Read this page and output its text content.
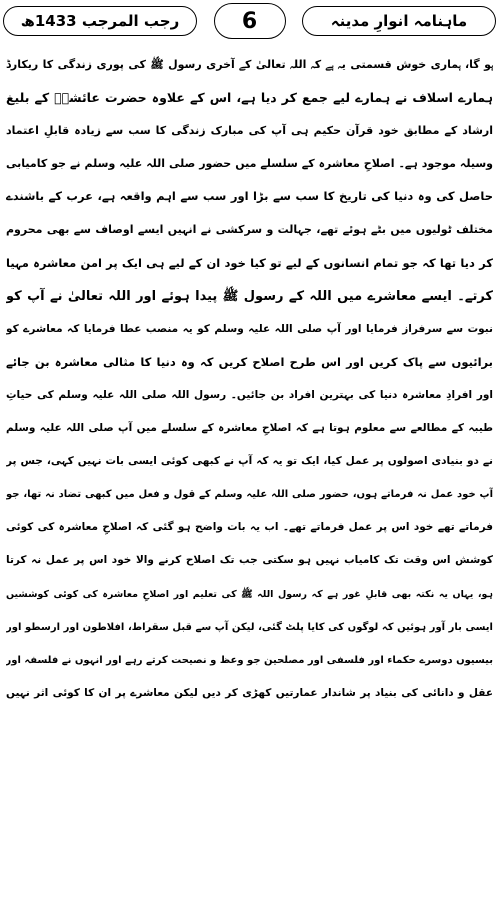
ماہنامہ انوارِ مدینہ
6
رجب المرجب 1433ھ
ہو گا، ہماری خوش قسمتی یہ ہے کہ اللہ تعالیٰ کے آخری رسول ﷺ کی پوری زندگی کا ریکارڈ
ہمارے اسلاف نے ہمارے لیے جمع کر دیا ہے، اس کے علاوہ حضرت عائشہؓ کے بلیغ
ارشاد کے مطابق خود قرآن حکیم ہی آپ کی مبارک زندگی کا سب سے زیادہ قابلِ اعتماد
وسیلہ موجود ہے۔ اصلاحِ معاشرہ کے سلسلے میں حضور صلی اللہ علیہ وسلم نے جو کامیابی
حاصل کی وہ دنیا کی تاریخ کا سب سے بڑا اور سب سے اہم واقعہ ہے، عرب کے باشندے
مختلف ٹولیوں میں بٹے ہوئے تھے، جہالت و سرکشی نے انہیں ایسے اوصاف سے بھی محروم
کر دیا تھا کہ جو تمام انسانوں کے لیے تو کیا خود ان کے لیے ہی ایک پر امن معاشرہ مہیا
کرتے۔ ایسے معاشرے میں اللہ کے رسول ﷺ پیدا ہوئے اور اللہ تعالیٰ نے آپ کو
نبوت سے سرفراز فرمایا اور آپ صلی اللہ علیہ وسلم کو یہ منصب عطا فرمایا کہ معاشرے کو
برائیوں سے پاک کریں اور اس طرح اصلاح کریں کہ وہ دنیا کا مثالی معاشرہ بن جائے
اور افرادِ معاشرہ دنیا کی بہترین افراد بن جائیں۔ رسول اللہ صلی اللہ علیہ وسلم کی حیاتِ
طیبہ کے مطالعے سے معلوم ہوتا ہے کہ اصلاحِ معاشرہ کے سلسلے میں آپ صلی اللہ علیہ وسلم
نے دو بنیادی اصولوں پر عمل کیا، ایک تو یہ کہ آپ نے کبھی کوئی ایسی بات نہیں کہی، جس پر
آپ خود عمل نہ فرماتے ہوں، حضور صلی اللہ علیہ وسلم کے قول و فعل میں کبھی تضاد نہ تھا، جو
فرماتے تھے خود اس پر عمل فرماتے تھے۔ اب یہ بات واضح ہو گئی کہ اصلاحِ معاشرہ کی کوئی
کوشش اس وقت تک کامیاب نہیں ہو سکتی جب تک اصلاح کرنے والا خود اس پر عمل نہ کرتا
ہو، یہاں یہ نکتہ بھی قابلِ غور ہے کہ رسول اللہ ﷺ کی تعلیم اور اصلاحِ معاشرہ کی کوئی کوششیں
ایسی بار آور ہوئیں کہ لوگوں کی کایا پلٹ گئی، لیکن آپ سے قبل سقراط، افلاطون اور ارسطو اور
بیسیوں دوسرے حکماء اور فلسفی اور مصلحین جو وعظ و نصیحت کرتے رہے اور انہوں نے فلسفہ اور
عقل و دانائی کی بنیاد پر شاندار عمارتیں کھڑی کر دیں لیکن معاشرے پر ان کا کوئی اثر نہیں
